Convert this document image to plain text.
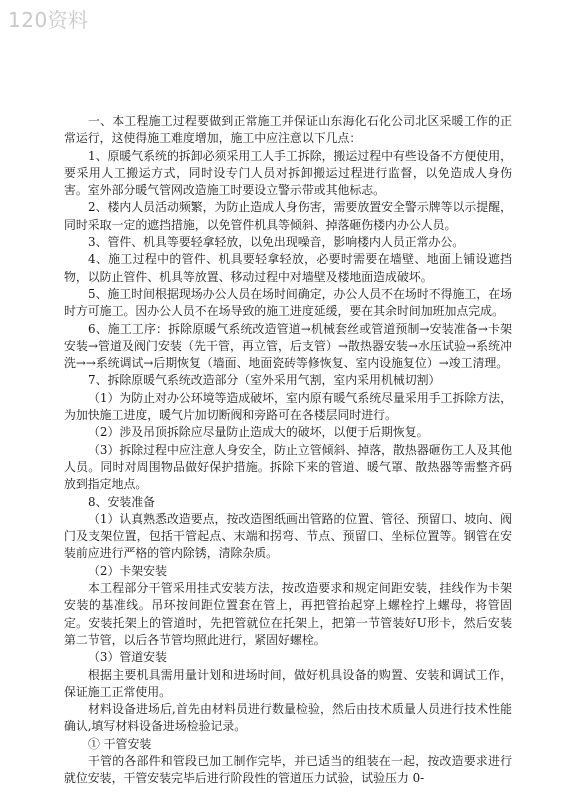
120资料

一、本工程施工过程要做到正常施工并保证山东海化石化公司北区采暖工作的正常运行，这使得施工难度增加，施工中应注意以下几点：

1、原暖气系统的拆卸必须采用工人手工拆除，搬运过程中有些设备不方便使用，要采用人工搬运方式，同时设专门人员对拆卸搬运过程进行监督，以免造成人身伤害。室外部分暖气管网改造施工时要设立警示带或其他标志。

2、楼内人员活动频繁，为防止造成人身伤害，需要放置安全警示牌等以示提醒，同时采取一定的遮挡措施，以免管件机具等倾斜、掉落砸伤楼内办公人员。

3、管件、机具等要轻拿轻放，以免出现噪音，影响楼内人员正常办公。

4、施工过程中的管件、机具要轻拿轻放，必要时需要在墙壁、地面上铺设遮挡物，以防止管件、机具等放置、移动过程中对墙壁及楼地面造成破坏。

5、施工时间根据现场办公人员在场时间确定，办公人员不在场时不得施工，在场时方可施工。因办公人员不在场导致的施工进度延缓，要在其余时间加班加点完成。

6、施工工序：拆除原暖气系统改造管道→机械套丝或管道预制→安装准备→卡架安装→管道及阀门安装（先干管，再立管，后支管）→散热器安装→水压试验→系统冲洗→→系统调试→后期恢复（墙面、地面瓷砖等修恢复、室内设施复位）→竣工清理。

7、拆除原暖气系统改造部分（室外采用气割，室内采用机械切割）

（1）为防止对办公环境等造成破坏，室内原有暖气系统尽量采用手工拆除方法，为加快施工进度，暖气片加切断阀和旁路可在各楼层同时进行。

（2）涉及吊顶拆除应尽量防止造成大的破坏，以便于后期恢复。

（3）拆除过程中应注意人身安全，防止立管倾斜、掉落，散热器砸伤工人及其他人员。同时对周围物品做好保护措施。拆除下来的管道、暖气罩、散热器等需整齐码放到指定地点。

8、安装准备

（1）认真熟悉改造要点，按改造图纸画出管路的位置、管径、预留口、坡向、阀门及支架位置，包括干管起点、末端和拐弯、节点、预留口、坐标位置等。钢管在安装前应进行严格的管内除锈，清除杂质。

（2）卡架安装

本工程部分干管采用挂式安装方法，按改造要求和规定间距安装，挂线作为卡架安装的基准线。吊环按间距位置套在管上，再把管抬起穿上螺栓拧上螺母，将管固定。安装托架上的管道时，先把管就位在托架上，把第一节管装好U形卡，然后安装第二节管，以后各节管均照此进行，紧固好螺栓。

（3）管道安装

根据主要机具需用量计划和进场时间，做好机具设备的购置、安装和调试工作，保证施工正常使用。

材料设备进场后,首先由材料员进行数量检验，然后由技术质量人员进行技术性能确认,填写材料设备进场检验记录。

① 干管安装

干管的各部件和管段已加工制作完毕，并已适当的组装在一起，按改造要求进行就位安装，干管安装完毕后进行阶段性的管道压力试验，试验压力 0-
